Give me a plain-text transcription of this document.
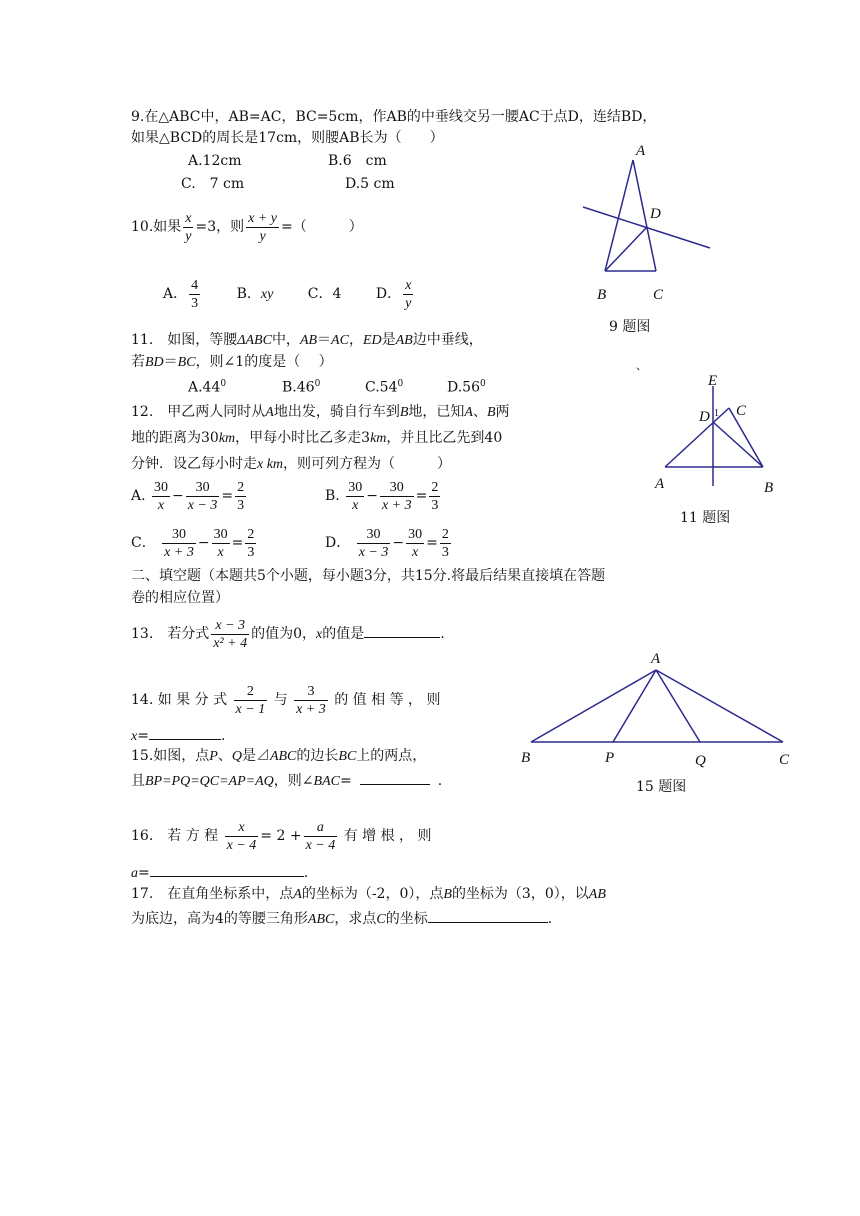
9.在△ABC中，AB=AC，BC=5cm，作AB的中垂线交另一腰AC于点D，连结BD，
如果△BCD的周长是17cm，则腰AB长为（　　）
A.12cm	B.6　cm
C.　7 cm	D.5 cm
A
D
B	C
9 题图
10.如果 $\frac{x}{y} =3$，则 $\frac{x + y}{y}$ =（　　　）
A． $\frac{4}{3}$	B．xy C．4 D． $\frac{x}{y}$
11.　如图，等腰ΔABC中，AB＝AC，ED是AB边中垂线，
若BD＝BC，则∠1的度是（　 ）
$A.44^0$	$B.46^0$	$C.54^0$	$D.56^0$
、
E
D 1 C
A	B
11 题图
12.　甲乙两人同时从A地出发，骑自行车到B地，已知A、B两
地的距离为30km，甲每小时比乙多走3km，并且比乙先到40
分钟．设乙每小时走x km，则可列方程为（　　　）
A. $\frac{30}{x} - \frac{30}{x - 3} = \frac{2}{3}$	B. $\frac{30}{x} - \frac{30}{x + 3} = \frac{2}{3}$
C． $\frac{30}{x + 3} - \frac{30}{x} = \frac{2}{3}$	D． $\frac{30}{x - 3} - \frac{30}{x} = \frac{2}{3}$
二、填空题（本题共5个小题，每小题3分，共15分.将最后结果直接填在答题
卷的相应位置）
13.　若分式 $\frac{x - 3}{\text{x² + 4}}$ 的值为0，x的值是	.
14. 如 果 分 式 $\frac{2}{x - 1}$ 与 $\frac{3}{x + 3}$ 的 值 相 等 ， 则
x=	.
15.如图，点P、Q是⊿ABC的边长BC上的两点，
且BP=PQ=QC=AP=AQ，则∠BAC=	.
A
B	P	Q	C
15 题图
16.　若 方 程 $\frac{x}{x - 4} = 2 + \frac{a}{x - 4}$ 有 增 根 ， 则
a=	.
17.　在直角坐标系中，点A的坐标为（-2，0），点B的坐标为（3，0），以AB
为底边，高为4的等腰三角形ABC，求点C的坐标	.
